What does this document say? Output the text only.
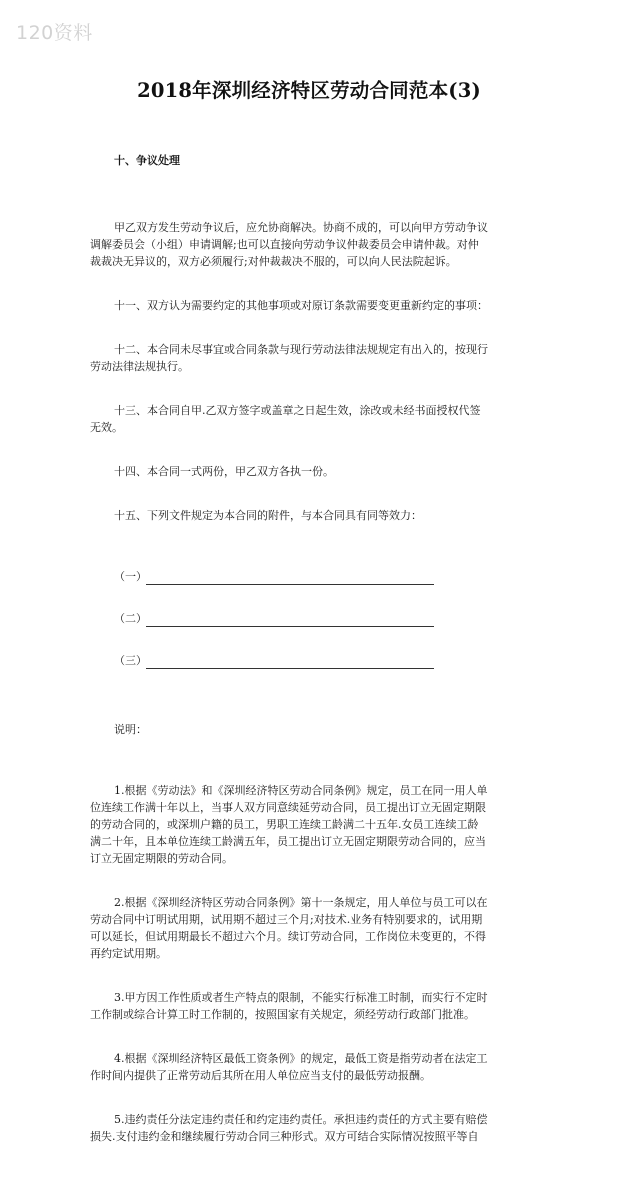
120资料
2018年深圳经济特区劳动合同范本(3)

十、争议处理

甲乙双方发生劳动争议后，应允协商解决。协商不成的，可以向甲方劳动争议
调解委员会（小组）申请调解;也可以直接向劳动争议仲裁委员会申请仲裁。对仲
裁裁决无异议的，双方必须履行;对仲裁裁决不服的，可以向人民法院起诉。

十一、双方认为需要约定的其他事项或对原订条款需要变更重新约定的事项：

十二、本合同未尽事宜或合同条款与现行劳动法律法规规定有出入的，按现行
劳动法律法规执行。

十三、本合同自甲.乙双方签字或盖章之日起生效，涂改或未经书面授权代签
无效。

十四、本合同一式两份，甲乙双方各执一份。

十五、下列文件规定为本合同的附件，与本合同具有同等效力：

（一）

（二）

（三）

说明：

1.根据《劳动法》和《深圳经济特区劳动合同条例》规定，员工在同一用人单
位连续工作满十年以上，当事人双方同意续延劳动合同，员工提出订立无固定期限
的劳动合同的，或深圳户籍的员工，男职工连续工龄满二十五年.女员工连续工龄
满二十年，且本单位连续工龄满五年，员工提出订立无固定期限劳动合同的，应当
订立无固定期限的劳动合同。

2.根据《深圳经济特区劳动合同条例》第十一条规定，用人单位与员工可以在
劳动合同中订明试用期，试用期不超过三个月;对技术.业务有特别要求的，试用期
可以延长，但试用期最长不超过六个月。续订劳动合同，工作岗位未变更的，不得
再约定试用期。

3.甲方因工作性质或者生产特点的限制，不能实行标准工时制，而实行不定时
工作制或综合计算工时工作制的，按照国家有关规定，须经劳动行政部门批准。

4.根据《深圳经济特区最低工资条例》的规定，最低工资是指劳动者在法定工
作时间内提供了正常劳动后其所在用人单位应当支付的最低劳动报酬。

5.违约责任分法定违约责任和约定违约责任。承担违约责任的方式主要有赔偿
损失.支付违约金和继续履行劳动合同三种形式。双方可结合实际情况按照平等自
